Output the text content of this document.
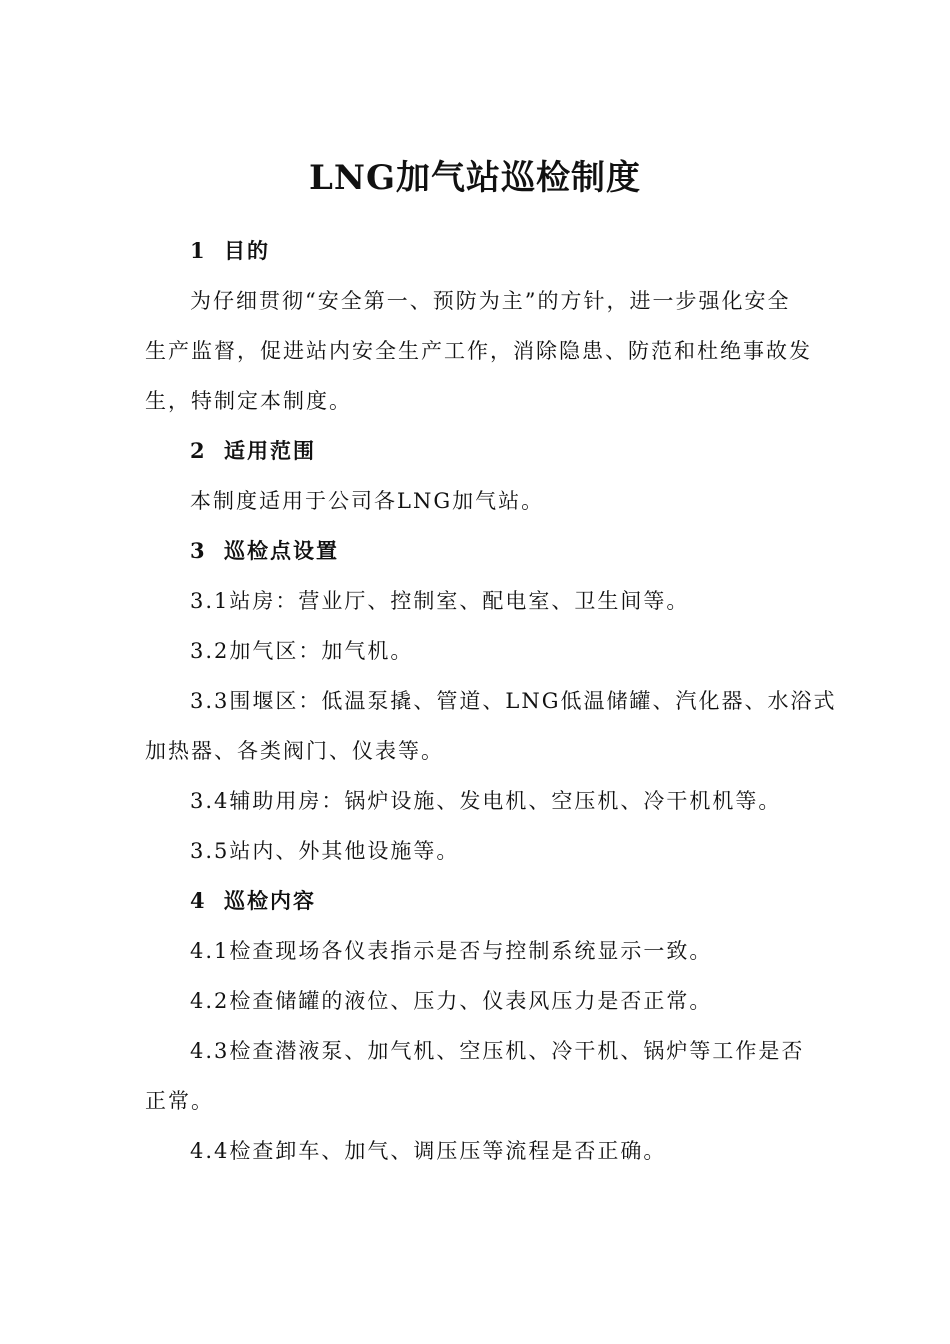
LNG加气站巡检制度
1 目的
为仔细贯彻“安全第一、预防为主”的方针，进一步强化安全
生产监督，促进站内安全生产工作，消除隐患、防范和杜绝事故发
生，特制定本制度。
2 适用范围
本制度适用于公司各LNG加气站。
3 巡检点设置
3.1站房：营业厅、控制室、配电室、卫生间等。
3.2加气区：加气机。
3.3围堰区：低温泵撬、管道、LNG低温储罐、汽化器、水浴式
加热器、各类阀门、仪表等。
3.4辅助用房：锅炉设施、发电机、空压机、冷干机机等。
3.5站内、外其他设施等。
4 巡检内容
4.1检查现场各仪表指示是否与控制系统显示一致。
4.2检查储罐的液位、压力、仪表风压力是否正常。
4.3检查潜液泵、加气机、空压机、冷干机、锅炉等工作是否
正常。
4.4检查卸车、加气、调压压等流程是否正确。
